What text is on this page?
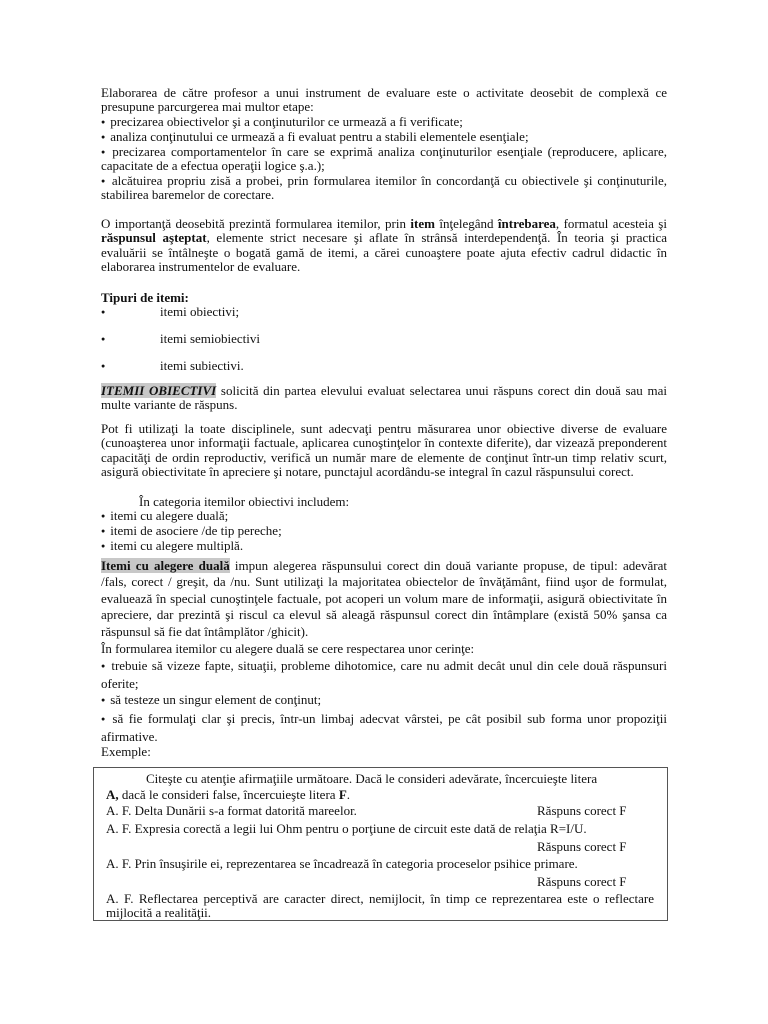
Elaborarea de către profesor a unui instrument de evaluare este o activitate deosebit de complexă ce presupune parcurgerea mai multor etape:

● precizarea obiectivelor şi a conţinuturilor ce urmează a fi verificate;

● analiza conţinutului ce urmează a fi evaluat pentru a stabili elementele esenţiale;

● precizarea comportamentelor în care se exprimă analiza conţinuturilor esenţiale (reproducere, aplicare, capacitate de a efectua operaţii logice ş.a.);

● alcătuirea propriu zisă a probei, prin formularea itemilor în concordanţă cu obiectivele şi conţinuturile, stabilirea baremelor de corectare.

O importanţă deosebită prezintă formularea itemilor, prin item înţelegând întrebarea, formatul acesteia şi răspunsul aşteptat, elemente strict necesare şi aflate în strânsă interdependenţă. În teoria şi practica evaluării se întâlneşte o bogată gamă de itemi, a cărei cunoaştere poate ajuta efectiv cadrul didactic în elaborarea instrumentelor de evaluare.

Tipuri de itemi:

●	itemi obiectivi;
●	itemi semiobiectivi
●	itemi subiectivi.

ITEMII OBIECTIVI solicită din partea elevului evaluat selectarea unui răspuns corect din două sau mai multe variante de răspuns.

Pot fi utilizaţi la toate disciplinele, sunt adecvaţi pentru măsurarea unor obiective diverse de evaluare (cunoaşterea unor informaţii factuale, aplicarea cunoştinţelor în contexte diferite), dar vizează preponderent capacităţi de ordin reproductiv, verifică un număr mare de elemente de conţinut într-un timp relativ scurt, asigură obiectivitate în apreciere şi notare, punctajul acordându-se integral în cazul răspunsului corect.

În categoria itemilor obiectivi includem:

● itemi cu alegere duală;

● itemi de asociere /de tip pereche;

● itemi cu alegere multiplă.

Itemi cu alegere duală impun alegerea răspunsului corect din două variante propuse, de tipul: adevărat /fals, corect / greşit, da /nu. Sunt utilizaţi la majoritatea obiectelor de învăţământ, fiind uşor de formulat, evaluează în special cunoştinţele factuale, pot acoperi un volum mare de informaţii, asigură obiectivitate în apreciere, dar prezintă şi riscul ca elevul să aleagă răspunsul corect din întâmplare (există 50% şansa ca răspunsul să fie dat întâmplător /ghicit).

În formularea itemilor cu alegere duală se cere respectarea unor cerinţe:

● trebuie să vizeze fapte, situaţii, probleme dihotomice, care nu admit decât unul din cele două răspunsuri oferite;

● să testeze un singur element de conţinut;

● să fie formulaţi clar şi precis, într-un limbaj adecvat vârstei, pe cât posibil sub forma unor propoziţii afirmative.

Exemple:

Citeşte cu atenţie afirmaţiile următoare. Dacă le consideri adevărate, încercuieşte litera
A, dacă le consideri false, încercuieşte litera F.

A. F. Delta Dunării s-a format datorită mareelor.	Răspuns corect F
A. F. Expresia corectă a legii lui Ohm pentru o porţiune de circuit este dată de relaţia R=I/U.
Răspuns corect F
A. F. Prin însuşirile ei, reprezentarea se încadrează în categoria proceselor psihice primare.
Răspuns corect F

A. F. Reflectarea perceptivă are caracter direct, nemijlocit, în timp ce reprezentarea este o reflectare mijlocită a realităţii.
